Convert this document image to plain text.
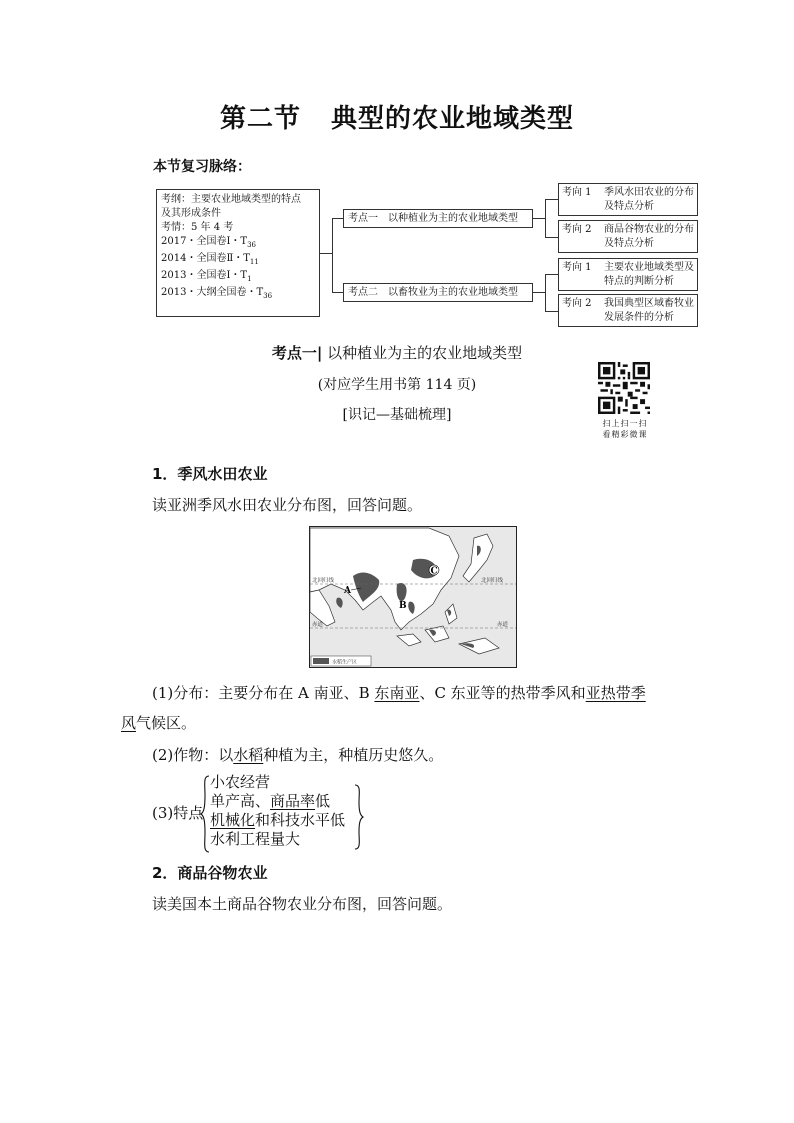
第二节 典型的农业地域类型
本节复习脉络：
考纲：主要农业地域类型的特点
及其形成条件
考情：5 年 4 考
2017・全国卷Ⅰ・$T_{36}$
2014・全国卷Ⅱ・$T_{11}$
2013・全国卷Ⅰ・$T_1$
2013・大纲全国卷・$T_{36}$
考点一　以种植业为主的农业地域类型
考点二　以畜牧业为主的农业地域类型
考向 1	季风水田农业的分布及特点分析
考向 2	商品谷物农业的分布及特点分析
考向 1	主要农业地域类型及特点的判断分析
考向 2	我国典型区域畜牧业发展条件的分析
考点一| 以种植业为主的农业地域类型
(对应学生用书第 114 页)
[识记—基础梳理]
扫上扫一扫
看精彩微课
1．季风水田农业
读亚洲季风水田农业分布图，回答问题。
北回归线	北回归线
赤道	赤道
A
B
C
水稻生产区
(1)分布：主要分布在 A 南亚、B 东南亚、C 东亚等的热带季风和亚热带季
风气候区。
(2)作物：以水稻种植为主，种植历史悠久。
(3)特点
小农经营
单产高、商品率低
机械化和科技水平低
水利工程量大
2．商品谷物农业
读美国本土商品谷物农业分布图，回答问题。
